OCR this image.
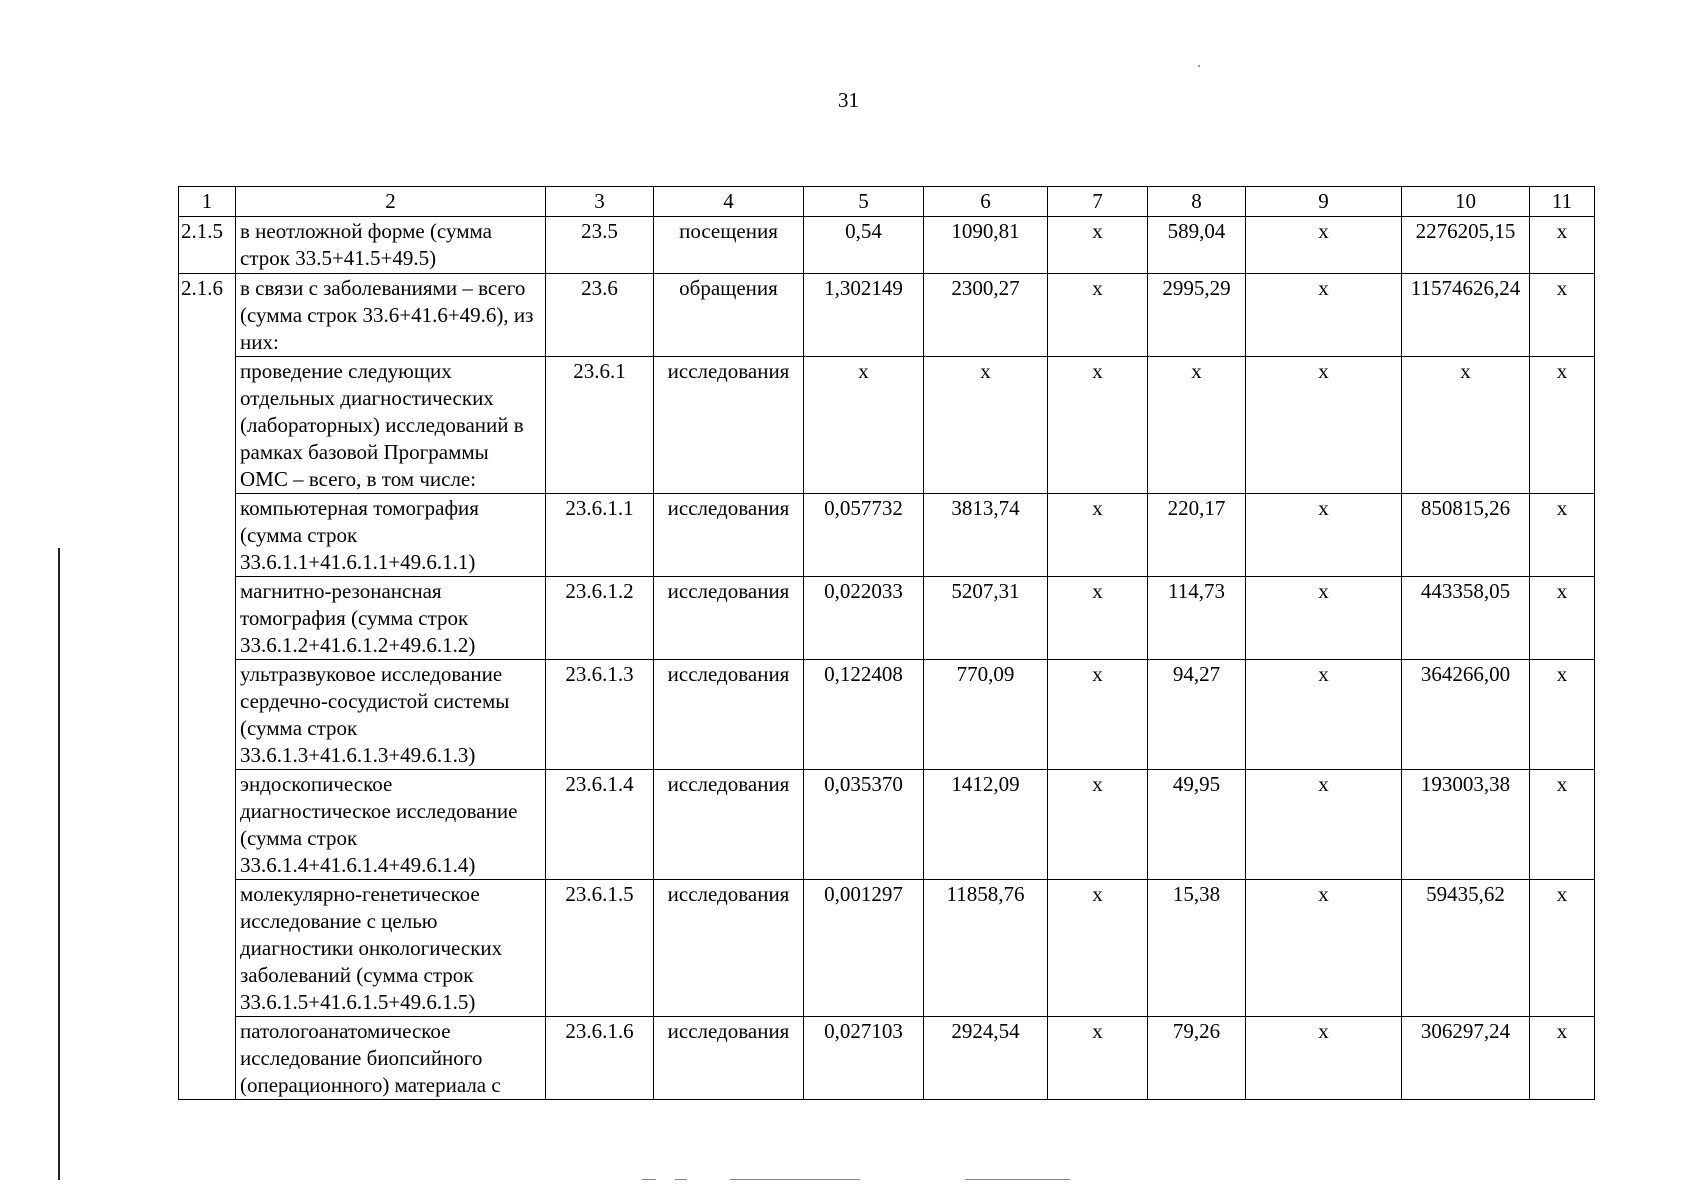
31
1	2	3	4	5	6	7	8	9	10	11
2.1.5	в неотложной форме (сумма строк 33.5+41.5+49.5)	23.5	посещения	0,54	1090,81	х	589,04	х	2276205,15	х
2.1.6	в связи с заболеваниями – всего (сумма строк 33.6+41.6+49.6), из них:	23.6	обращения	1,302149	2300,27	х	2995,29	х	11574626,24	х
	проведение следующих отдельных диагностических (лабораторных) исследований в рамках базовой Программы ОМС – всего, в том числе:	23.6.1	исследования	х	х	х	х	х	х	х
	компьютерная томография (сумма строк 33.6.1.1+41.6.1.1+49.6.1.1)	23.6.1.1	исследования	0,057732	3813,74	х	220,17	х	850815,26	х
	магнитно-резонансная томография (сумма строк 33.6.1.2+41.6.1.2+49.6.1.2)	23.6.1.2	исследования	0,022033	5207,31	х	114,73	х	443358,05	х
	ультразвуковое исследование сердечно-сосудистой системы (сумма строк 33.6.1.3+41.6.1.3+49.6.1.3)	23.6.1.3	исследования	0,122408	770,09	х	94,27	х	364266,00	х
	эндоскопическое диагностическое исследование (сумма строк 33.6.1.4+41.6.1.4+49.6.1.4)	23.6.1.4	исследования	0,035370	1412,09	х	49,95	х	193003,38	х
	молекулярно-генетическое исследование с целью диагностики онкологических заболеваний (сумма строк 33.6.1.5+41.6.1.5+49.6.1.5)	23.6.1.5	исследования	0,001297	11858,76	х	15,38	х	59435,62	х
	патологоанатомическое исследование биопсийного (операционного) материала с	23.6.1.6	исследования	0,027103	2924,54	х	79,26	х	306297,24	х
